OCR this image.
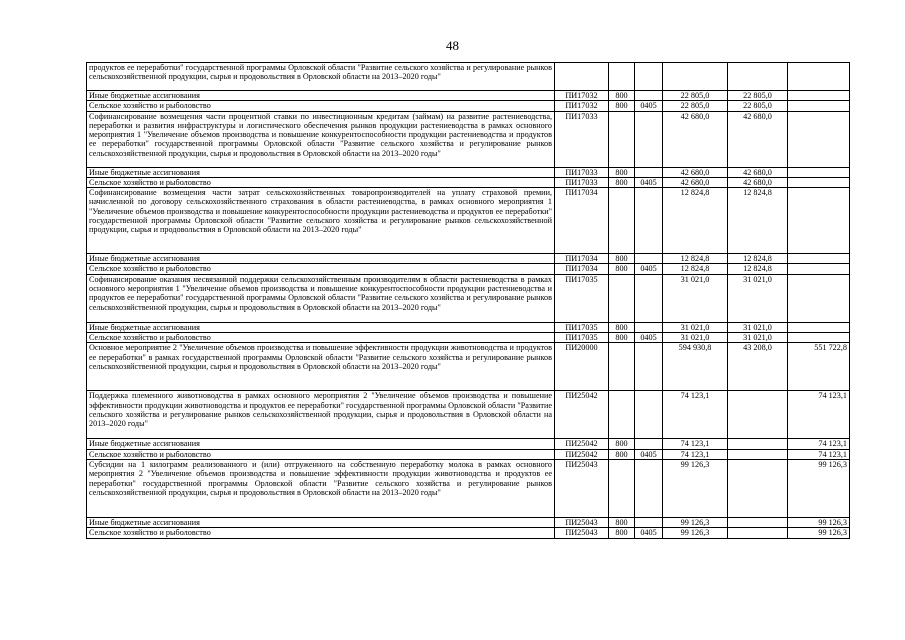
48
продуктов ее переработки" государственной программы Орловской области "Развитие сельского хозяйства и регулирование рынков сельскохозяйственной продукции, сырья и продовольствия в Орловской области на 2013–2020 годы"						
Иные бюджетные ассигнования	ПИ17032	800		22 805,0	22 805,0	
Сельское хозяйство и рыболовство	ПИ17032	800	0405	22 805,0	22 805,0	
Софинансирование возмещения части процентной ставки по инвестиционным кредитам (займам) на развитие растениеводства, переработки и развития инфраструктуры и логистического обеспечения рынков продукции растениеводства в рамках основного мероприятия 1 "Увеличение объемов производства и повышение конкурентоспособности продукции растениеводства и продуктов ее переработки" государственной программы Орловской области "Развитие сельского хозяйства и регулирование рынков сельскохозяйственной продукции, сырья и продовольствия в Орловской области на 2013–2020 годы"	ПИ17033			42 680,0	42 680,0	
Иные бюджетные ассигнования	ПИ17033	800		42 680,0	42 680,0	
Сельское хозяйство и рыболовство	ПИ17033	800	0405	42 680,0	42 680,0	
Софинансирование возмещения части затрат сельскохозяйственных товаропроизводителей на уплату страховой премии, начисленной по договору сельскохозяйственного страхования в области растениеводства, в рамках основного мероприятия 1 "Увеличение объемов производства и повышение конкурентоспособности продукции растениеводства и продуктов ее переработки" государственной программы Орловской области "Развитие сельского хозяйства и регулирование рынков сельскохозяйственной продукции, сырья и продовольствия в Орловской области на 2013–2020 годы"	ПИ17034			12 824,8	12 824,8	
Иные бюджетные ассигнования	ПИ17034	800		12 824,8	12 824,8	
Сельское хозяйство и рыболовство	ПИ17034	800	0405	12 824,8	12 824,8	
Софинансирование оказания несвязанной поддержки сельскохозяйственным производителям в области растениеводства в рамках основного мероприятия 1 "Увеличение объемов производства и повышение конкурентоспособности продукции растениеводства и продуктов ее переработки" государственной программы Орловской области "Развитие сельского хозяйства и регулирование рынков сельскохозяйственной продукции, сырья и продовольствия в Орловской области на 2013–2020 годы"	ПИ17035			31 021,0	31 021,0	
Иные бюджетные ассигнования	ПИ17035	800		31 021,0	31 021,0	
Сельское хозяйство и рыболовство	ПИ17035	800	0405	31 021,0	31 021,0	
Основное мероприятие 2 "Увеличение объемов производства и повышение эффективности продукции животноводства и продуктов ее переработки" в рамках государственной программы Орловской области "Развитие сельского хозяйства и регулирование рынков сельскохозяйственной продукции, сырья и продовольствия в Орловской области на 2013–2020 годы"	ПИ20000			594 930,8	43 208,0	551 722,8
Поддержка племенного животноводства в рамках основного мероприятия 2 "Увеличение объемов производства и повышение эффективности продукции животноводства и продуктов ее переработки" государственной программы Орловской области "Развитие сельского хозяйства и регулирование рынков сельскохозяйственной продукции, сырья и продовольствия в Орловской области на 2013–2020 годы"	ПИ25042			74 123,1		74 123,1
Иные бюджетные ассигнования	ПИ25042	800		74 123,1		74 123,1
Сельское хозяйство и рыболовство	ПИ25042	800	0405	74 123,1		74 123,1
Субсидии на 1 килограмм реализованного и (или) отгруженного на собственную переработку молока в рамках основного мероприятия 2 "Увеличение объемов производства и повышение эффективности продукции животноводства и продуктов ее переработки" государственной программы Орловской области "Развитие сельского хозяйства и регулирование рынков сельскохозяйственной продукции, сырья и продовольствия в Орловской области на 2013–2020 годы"	ПИ25043			99 126,3		99 126,3
Иные бюджетные ассигнования	ПИ25043	800		99 126,3		99 126,3
Сельское хозяйство и рыболовство	ПИ25043	800	0405	99 126,3		99 126,3
